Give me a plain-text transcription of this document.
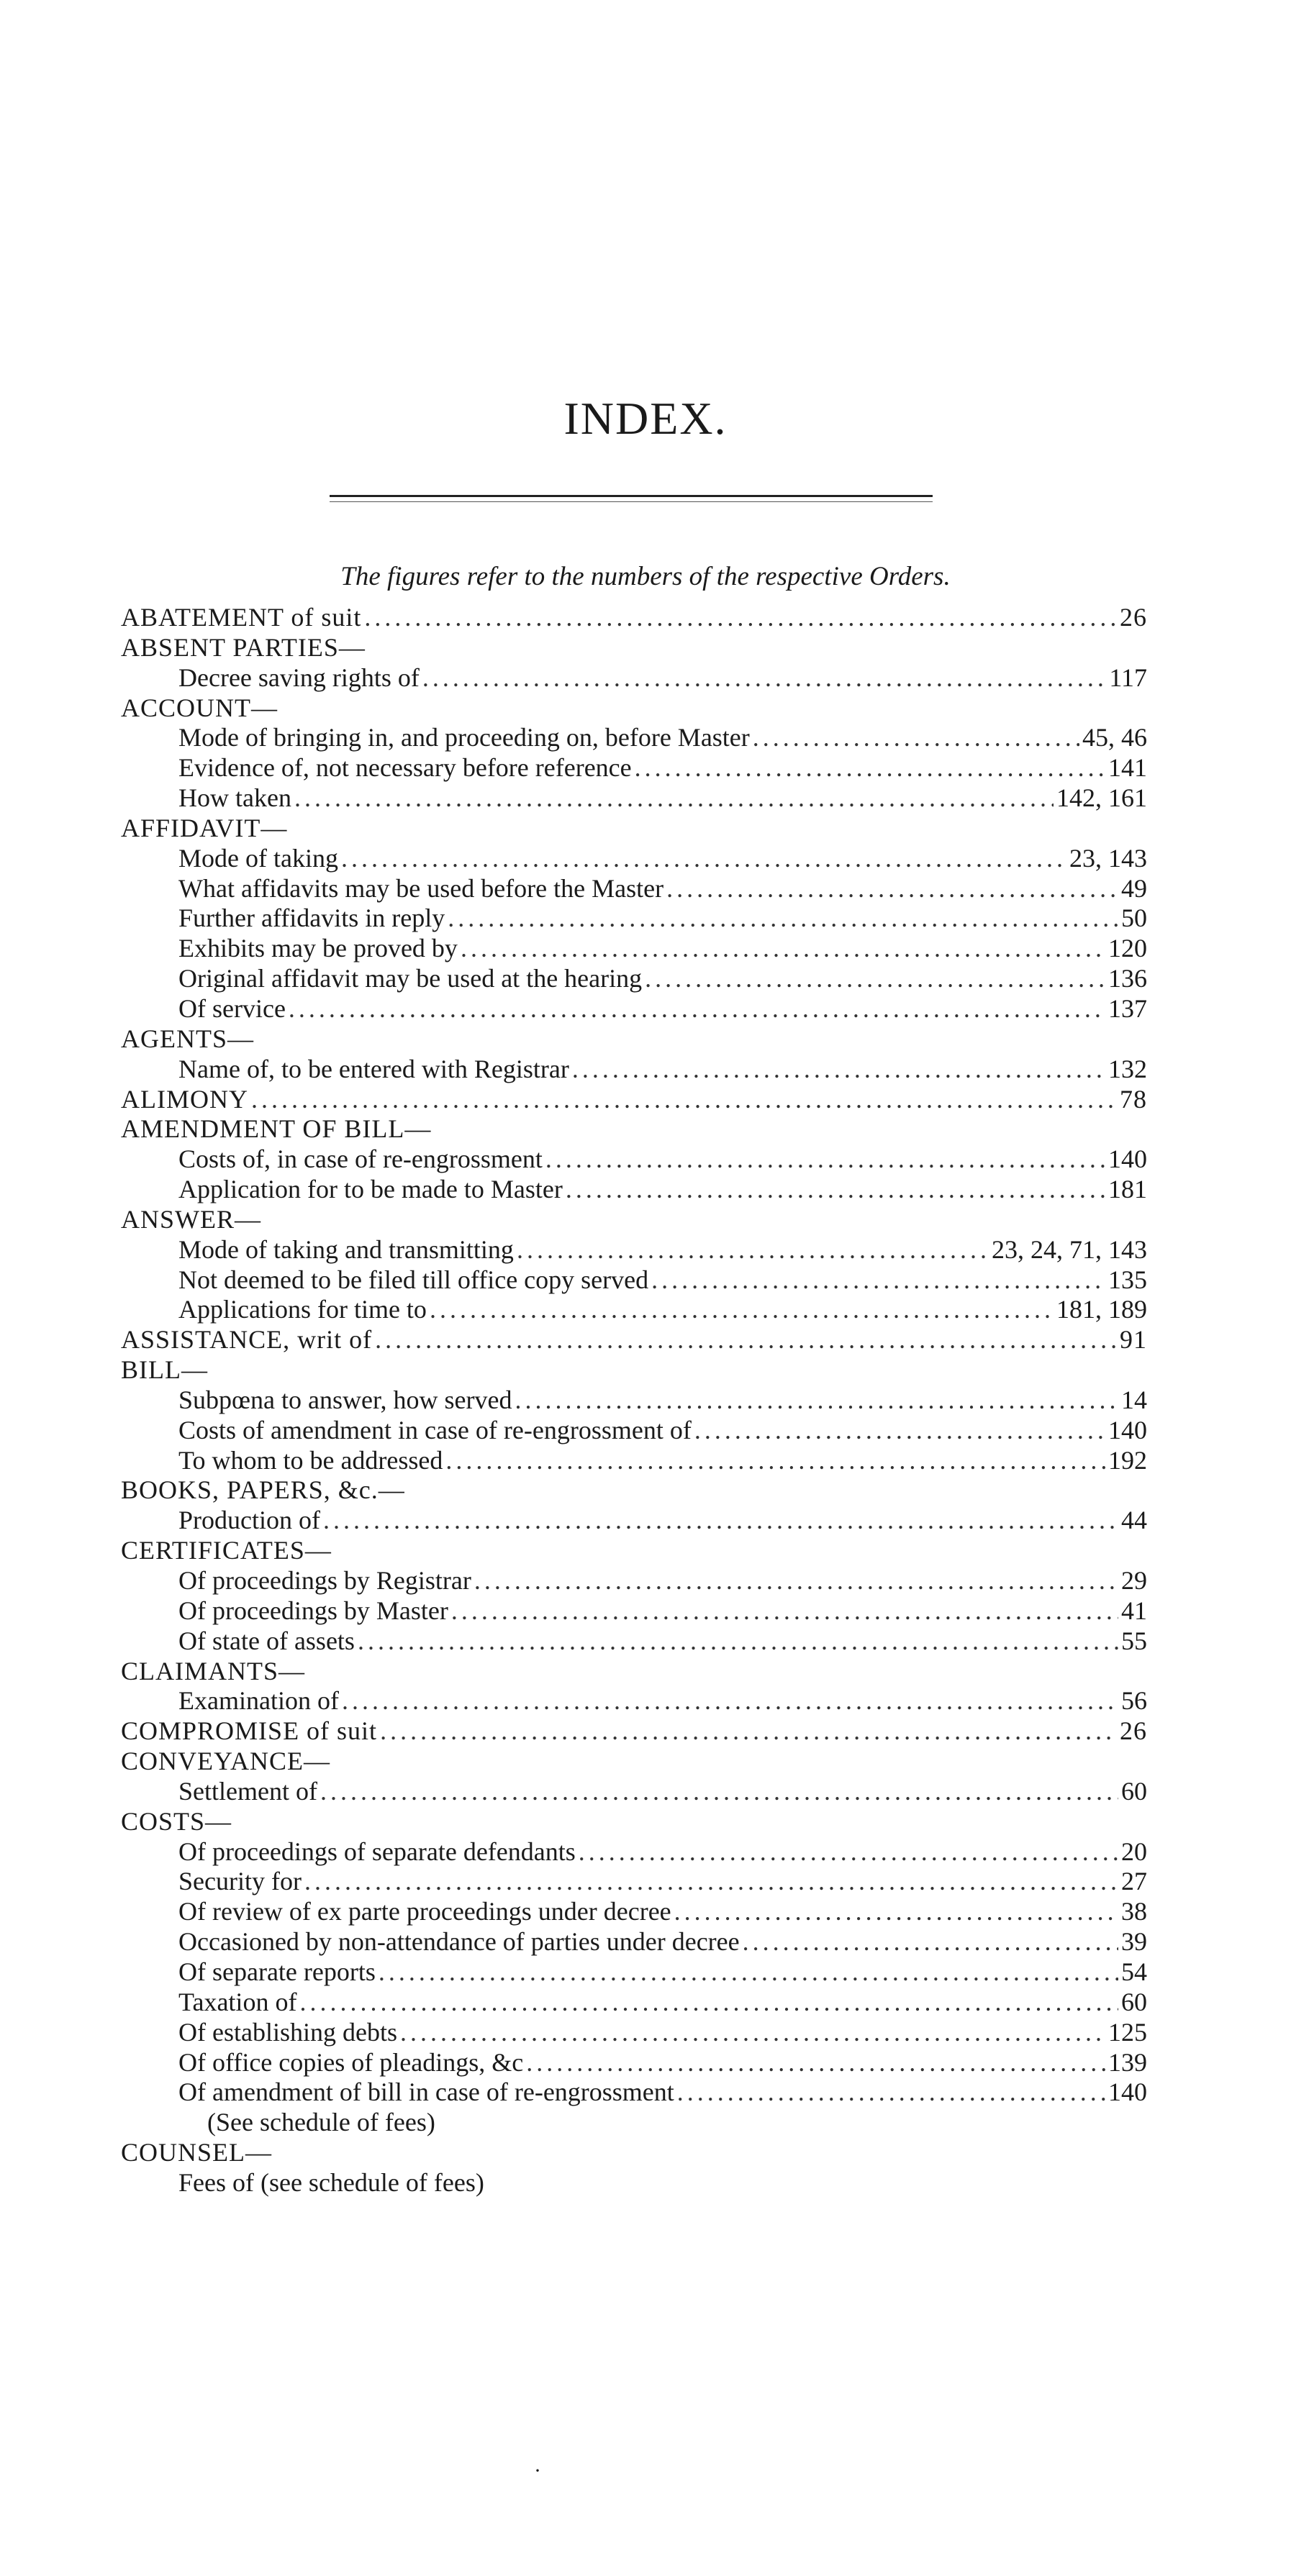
INDEX.
The figures refer to the numbers of the respective Orders.
ABATEMENT of suit . . .	26
ABSENT PARTIES—
Decree saving rights of . . .	117
ACCOUNT—
Mode of bringing in, and proceeding on, before Master . . .	45, 46
Evidence of, not necessary before reference . . .	141
How taken . . .	142, 161
AFFIDAVIT—
Mode of taking . . .	23, 143
What affidavits may be used before the Master . . .	49
Further affidavits in reply . . .	50
Exhibits may be proved by . . .	120
Original affidavit may be used at the hearing . . .	136
Of service . . .	137
AGENTS—
Name of, to be entered with Registrar . . .	132
ALIMONY . . .	78
AMENDMENT OF BILL—
Costs of, in case of re-engrossment . . .	140
Application for to be made to Master . . .	181
ANSWER—
Mode of taking and transmitting . . .	23, 24, 71, 143
Not deemed to be filed till office copy served . . .	135
Applications for time to . . .	181, 189
ASSISTANCE, writ of . . .	91
BILL—
Subpœna to answer, how served . . .	14
Costs of amendment in case of re-engrossment of . . .	140
To whom to be addressed . . .	192
BOOKS, PAPERS, &c.—
Production of . . .	44
CERTIFICATES—
Of proceedings by Registrar . . .	29
Of proceedings by Master . . .	41
Of state of assets . . .	55
CLAIMANTS—
Examination of . . .	56
COMPROMISE of suit . . .	26
CONVEYANCE—
Settlement of . . .	60
COSTS—
Of proceedings of separate defendants . . .	20
Security for . . .	27
Of review of ex parte proceedings under decree . . .	38
Occasioned by non-attendance of parties under decree . . .	39
Of separate reports . . .	54
Taxation of . . .	60
Of establishing debts . . .	125
Of office copies of pleadings, &c . . .	139
Of amendment of bill in case of re-engrossment . . .	140
(See schedule of fees)
COUNSEL—
Fees of (see schedule of fees)
·
